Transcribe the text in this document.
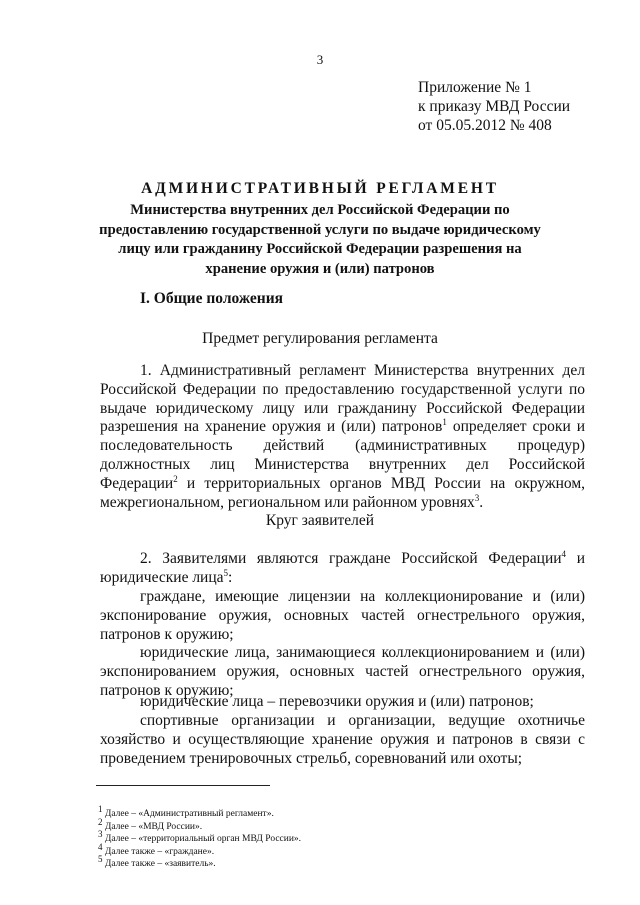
3
Приложение № 1
к приказу МВД России
от 05.05.2012 № 408
АДМИНИСТРАТИВНЫЙ РЕГЛАМЕНТ
Министерства внутренних дел Российской Федерации по предоставлению государственной услуги по выдаче юридическому лицу или гражданину Российской Федерации разрешения на хранение оружия и (или) патронов
I. Общие положения
Предмет регулирования регламента
1. Административный регламент Министерства внутренних дел Российской Федерации по предоставлению государственной услуги по выдаче юридическому лицу или гражданину Российской Федерации разрешения на хранение оружия и (или) патронов$^1$ определяет сроки и последовательность действий (административных процедур) должностных лиц Министерства внутренних дел Российской Федерации$^2$ и территориальных органов МВД России на окружном, межрегиональном, региональном или районном уровнях$^3$.
Круг заявителей
2. Заявителями являются граждане Российской Федерации$^4$ и юридические лица$^5$:
граждане, имеющие лицензии на коллекционирование и (или) экспонирование оружия, основных частей огнестрельного оружия, патронов к оружию;
юридические лица, занимающиеся коллекционированием и (или) экспонированием оружия, основных частей огнестрельного оружия, патронов к оружию;
юридические лица – перевозчики оружия и (или) патронов;
спортивные организации и организации, ведущие охотничье хозяйство и осуществляющие хранение оружия и патронов в связи с проведением тренировочных стрельб, соревнований или охоты;
$^1$ Далее – «Административный регламент».
$^2$ Далее – «МВД России».
$^3$ Далее – «территориальный орган МВД России».
$^4$ Далее также – «граждане».
$^5$ Далее также – «заявитель».
